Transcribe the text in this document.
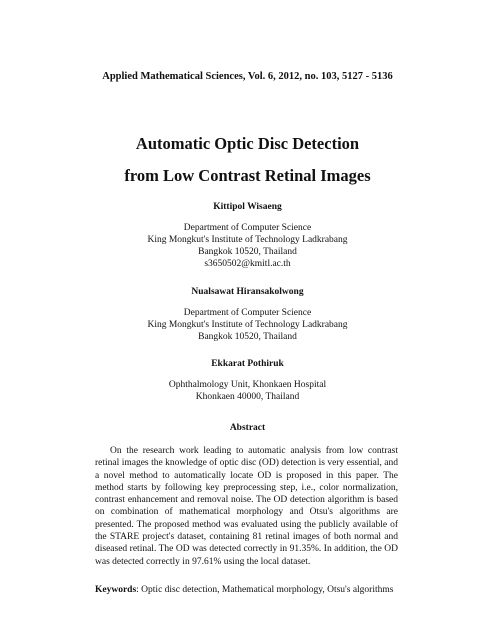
Applied Mathematical Sciences, Vol. 6, 2012, no. 103, 5127 - 5136
Automatic Optic Disc Detection
from Low Contrast Retinal Images
Kittipol Wisaeng
Department of Computer Science
King Mongkut's Institute of Technology Ladkrabang
Bangkok 10520, Thailand
s3650502@kmitl.ac.th
Nualsawat Hiransakolwong
Department of Computer Science
King Mongkut's Institute of Technology Ladkrabang
Bangkok 10520, Thailand
Ekkarat Pothiruk
Ophthalmology Unit, Khonkaen Hospital
Khonkaen 40000, Thailand
Abstract

On the research work leading to automatic analysis from low contrast retinal images the knowledge of optic disc (OD) detection is very essential, and a novel method to automatically locate OD is proposed in this paper. The method starts by following key preprocessing step, i.e., color normalization, contrast enhancement and removal noise. The OD detection algorithm is based on combination of mathematical morphology and Otsu's algorithms are presented. The proposed method was evaluated using the publicly available of the STARE project's dataset, containing 81 retinal images of both normal and diseased retinal. The OD was detected correctly in 91.35%. In addition, the OD was detected correctly in 97.61% using the local dataset.

Keywords: Optic disc detection, Mathematical morphology, Otsu's algorithms
